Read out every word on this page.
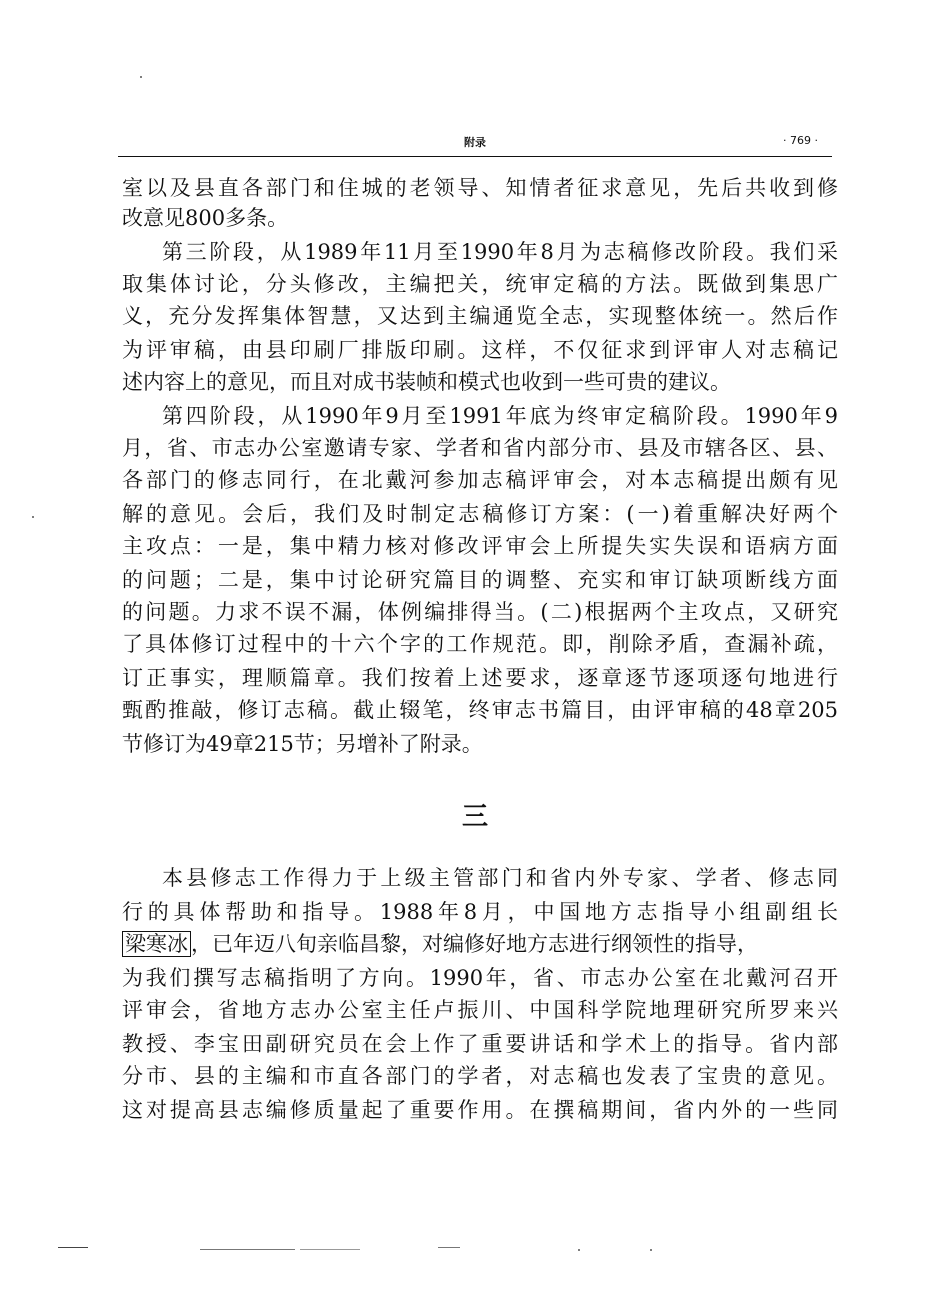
附录	· 769 ·
室以及县直各部门和住城的老领导、知情者征求意见，先后共收到修
改意见800多条。
第三阶段，从1989年11月至1990年8月为志稿修改阶段。我们采
取集体讨论，分头修改，主编把关，统审定稿的方法。既做到集思广
义，充分发挥集体智慧，又达到主编通览全志，实现整体统一。然后作
为评审稿，由县印刷厂排版印刷。这样，不仅征求到评审人对志稿记
述内容上的意见，而且对成书装帧和模式也收到一些可贵的建议。
第四阶段，从1990年9月至1991年底为终审定稿阶段。1990年9
月，省、市志办公室邀请专家、学者和省内部分市、县及市辖各区、县、
各部门的修志同行，在北戴河参加志稿评审会，对本志稿提出颇有见
解的意见。会后，我们及时制定志稿修订方案：(一)着重解决好两个
主攻点：一是，集中精力核对修改评审会上所提失实失误和语病方面
的问题；二是，集中讨论研究篇目的调整、充实和审订缺项断线方面
的问题。力求不误不漏，体例编排得当。(二)根据两个主攻点，又研究
了具体修订过程中的十六个字的工作规范。即，削除矛盾，查漏补疏，
订正事实，理顺篇章。我们按着上述要求，逐章逐节逐项逐句地进行
甄酌推敲，修订志稿。截止辍笔，终审志书篇目，由评审稿的48章205
节修订为49章215节；另增补了附录。
三
本县修志工作得力于上级主管部门和省内外专家、学者、修志同
行的具体帮助和指导。1988年8月，中国地方志指导小组副组长
梁寒冰 ，已年迈八旬亲临昌黎，对编修好地方志进行纲领性的指导，
为我们撰写志稿指明了方向。1990年，省、市志办公室在北戴河召开
评审会，省地方志办公室主任卢振川、中国科学院地理研究所罗来兴
教授、李宝田副研究员在会上作了重要讲话和学术上的指导。省内部
分市、县的主编和市直各部门的学者，对志稿也发表了宝贵的意见。
这对提高县志编修质量起了重要作用。在撰稿期间，省内外的一些同
